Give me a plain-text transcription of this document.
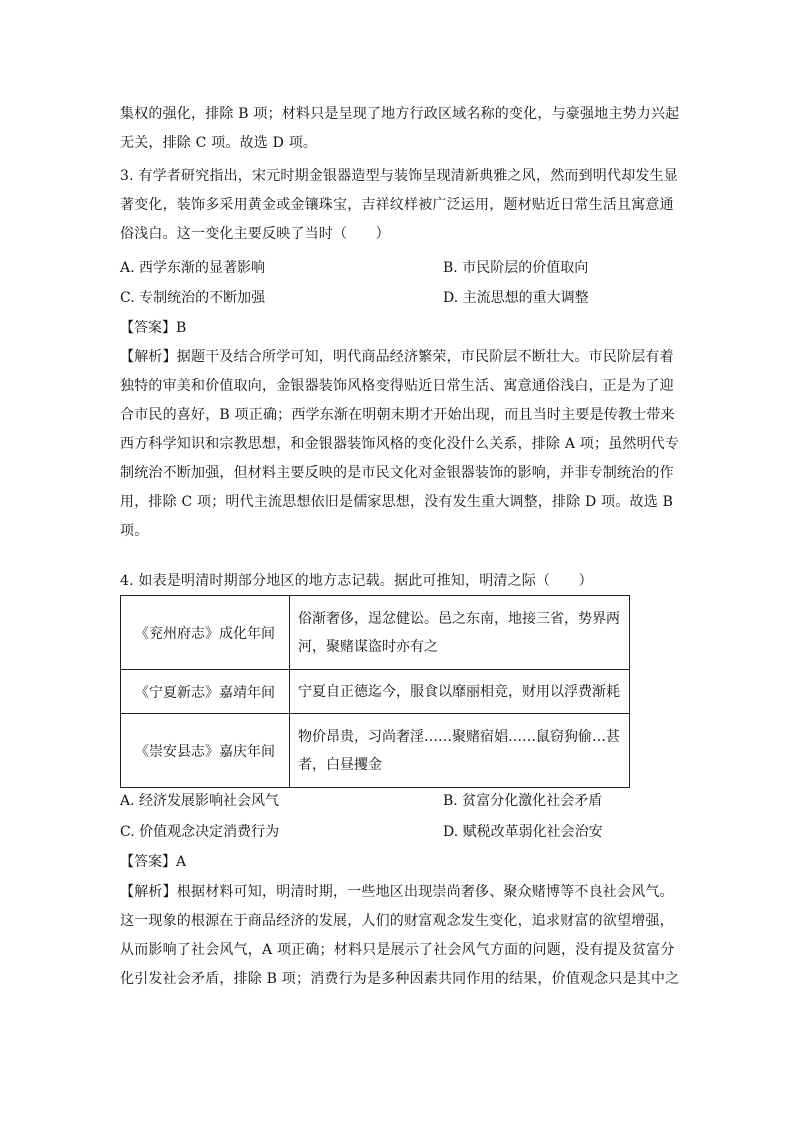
集权的强化，排除 B 项；材料只是呈现了地方行政区域名称的变化，与豪强地主势力兴起
无关，排除 C 项。故选 D 项。
3. 有学者研究指出，宋元时期金银器造型与装饰呈现清新典雅之风，然而到明代却发生显
著变化，装饰多采用黄金或金镶珠宝，吉祥纹样被广泛运用，题材贴近日常生活且寓意通
俗浅白。这一变化主要反映了当时（　　）
A. 西学东渐的显著影响	B. 市民阶层的价值取向
C. 专制统治的不断加强	D. 主流思想的重大调整
【答案】B
【解析】据题干及结合所学可知，明代商品经济繁荣，市民阶层不断壮大。市民阶层有着
独特的审美和价值取向，金银器装饰风格变得贴近日常生活、寓意通俗浅白，正是为了迎
合市民的喜好，B 项正确；西学东渐在明朝末期才开始出现，而且当时主要是传教士带来
西方科学知识和宗教思想，和金银器装饰风格的变化没什么关系，排除 A 项；虽然明代专
制统治不断加强，但材料主要反映的是市民文化对金银器装饰的影响，并非专制统治的作
用，排除 C 项；明代主流思想依旧是儒家思想，没有发生重大调整，排除 D 项。故选 B
项。
4. 如表是明清时期部分地区的地方志记载。据此可推知，明清之际（　　）
《兖州府志》成化年间	俗渐奢侈，逞忿健讼。邑之东南，地接三省，势界两
河，聚赌谋盗时亦有之

《宁夏新志》嘉靖年间	宁夏自正德迄今，服食以靡丽相竞，财用以浮费渐耗

《崇安县志》嘉庆年间	物价昂贵，习尚奢淫……聚赌宿娼……鼠窃狗偷…甚
者，白昼攫金
A. 经济发展影响社会风气	B. 贫富分化激化社会矛盾
C. 价值观念决定消费行为	D. 赋税改革弱化社会治安
【答案】A
【解析】根据材料可知，明清时期，一些地区出现崇尚奢侈、聚众赌博等不良社会风气。
这一现象的根源在于商品经济的发展，人们的财富观念发生变化，追求财富的欲望增强，
从而影响了社会风气，A 项正确；材料只是展示了社会风气方面的问题，没有提及贫富分
化引发社会矛盾，排除 B 项；消费行为是多种因素共同作用的结果，价值观念只是其中之
